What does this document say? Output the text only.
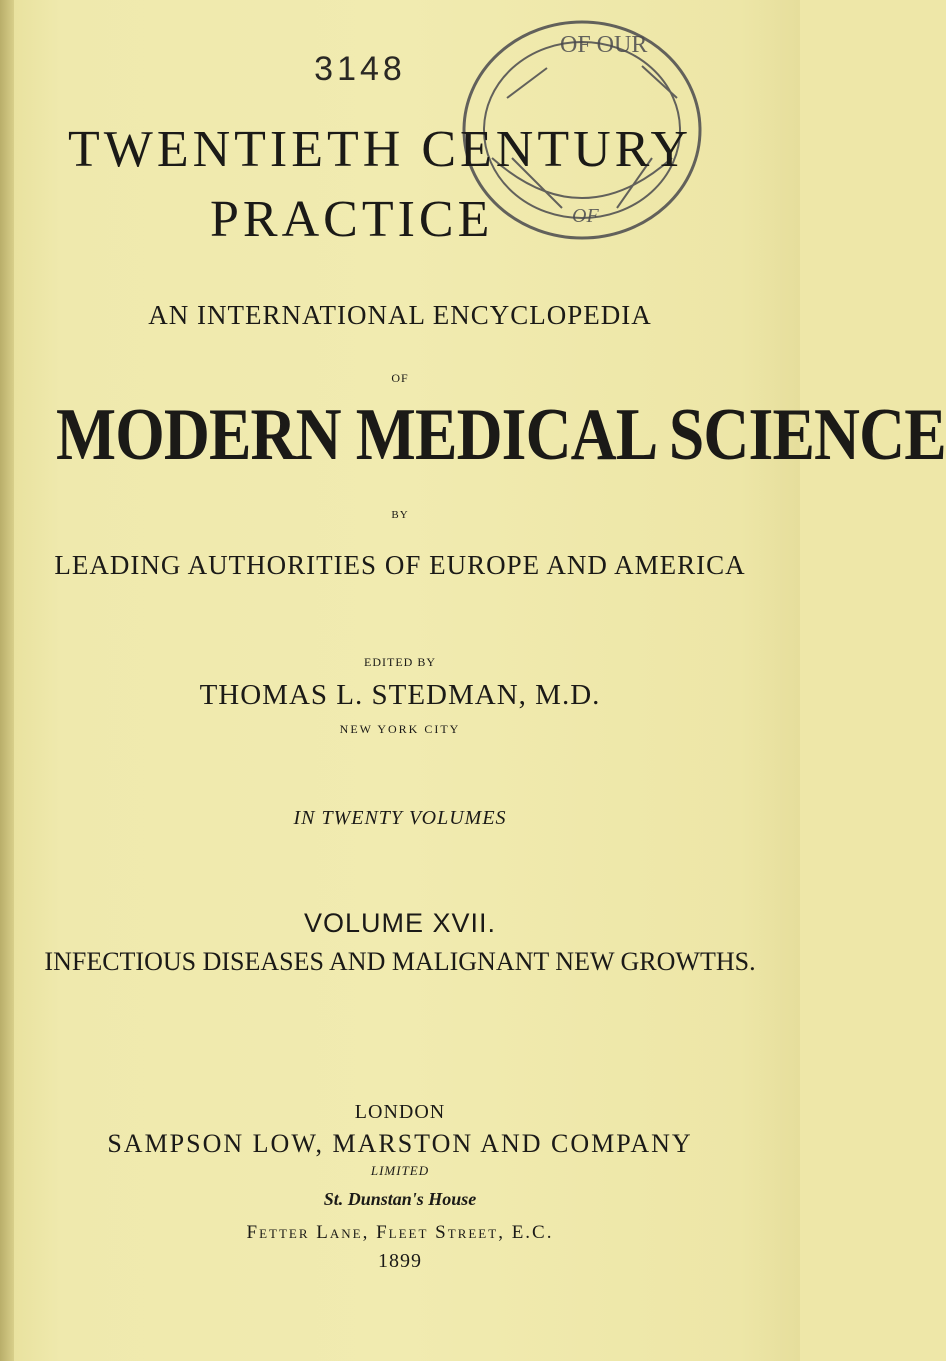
3148
OF OUR
OF
TWENTIETH CENTURY
PRACTICE
AN INTERNATIONAL ENCYCLOPEDIA
OF
MODERN MEDICAL SCIENCE
BY
LEADING AUTHORITIES OF EUROPE AND AMERICA
EDITED BY
THOMAS L. STEDMAN, M.D.
NEW YORK CITY
IN TWENTY VOLUMES
VOLUME XVII.
INFECTIOUS DISEASES AND MALIGNANT NEW GROWTHS.
LONDON
SAMPSON LOW, MARSTON AND COMPANY
LIMITED
St. Dunstan's House
Fetter Lane, Fleet Street, E.C.
1899
